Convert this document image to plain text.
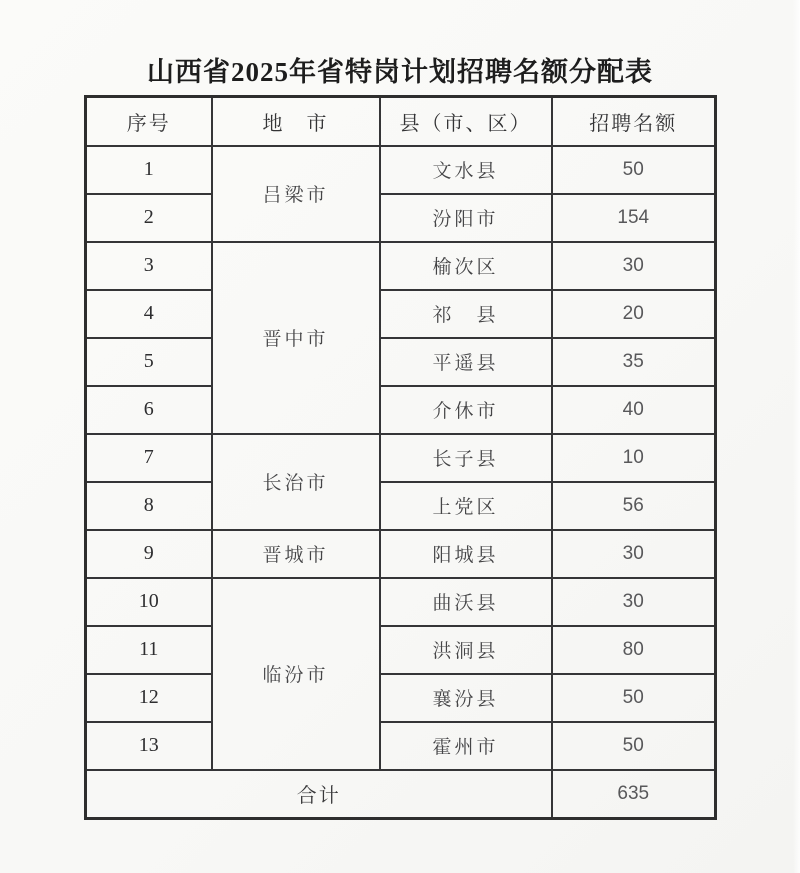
山西省2025年省特岗计划招聘名额分配表
序号	地　市	县（市、区）	招聘名额
1	吕梁市	文水县	50
2		汾阳市	154
3	晋中市	榆次区	30
4		祁　县	20
5		平遥县	35
6		介休市	40
7	长治市	长子县	10
8		上党区	56
9	晋城市	阳城县	30
10	临汾市	曲沃县	30
11		洪洞县	80
12		襄汾县	50
13		霍州市	50
合计			635
